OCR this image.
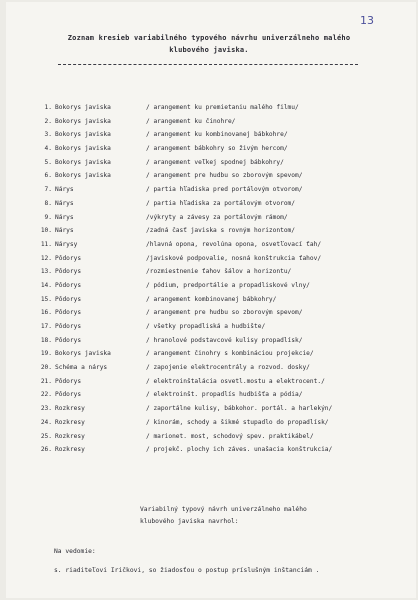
13
Zoznam kresieb variabilného typového návrhu univerzálneho malého
klubového javiska.
1. Bokorys javiska	/ arangement ku premietaniu malého filmu/
2. Bokorys javiska	/ arangement ku činohre/
3. Bokorys javiska	/ arangement ku kombinovanej bábkohre/
4. Bokorys javiska	/ arangement bábkohry so živým hercom/
5. Bokorys javiska	/ arangement veľkej spodnej bábkohry/
6. Bokorys javiska	/ arangement pre hudbu so zborovým spevom/
7. Nárys	/ partia hľadiska pred portálovým otvorom/
8. Nárys	/ partia hľadiska za portálovým otvorom/
9. Nárys	/výkryty a závesy za portálovým rámom/
10. Nárys	/zadná časť javiska s rovným horizontom/
11. Nárysy	/hlavná opona, revolúna opona, osvetľovací ťah/
12. Pôdorys	/javiskové podpovalie, nosná konštrukcia ťahov/
13. Pôdorys	/rozmiestnenie ťahov šálov a horizontu/
14. Pôdorys	/ pódium, predportálie a propadliskové vlny/
15. Pôdorys	/ arangement kombinovanej bábkohry/
16. Pôdorys	/ arangement pre hudbu so zborovým spevom/
17. Pôdorys	/ všetky propadliská a hudbište/
18. Pôdorys	/ hranolové podstavcové kulisy propadlísk/
19. Bokorys javiska	/ arangement činohry s kombináciou projekcie/
20. Schéma a nárys	/ zapojenie elektrocentrály a rozvod. dosky/
21. Pôdorys	/ elektroinštalácia osvetl.mostu a elektrocent./
22. Pôdorys	/ elektroinšt. propadlís hudbišťa a pódia/
23. Rozkresy	/ zaportálne kulisy, bábkohor. portál. a harlekýn/
24. Rozkresy	/ kinorám, schody a šikmé stupadlo do propadlísk/
25. Rozkresy	/ marionet. most, schodový spev. praktikábel/
26. Rozkresy	/ projekč. plochy ich záves. unašacia konštrukcia/
Variabilný typový návrh univerzálneho malého
klubového javiska navrhol:
Na vedomie:
s. riaditeľovi Iričkovi, so žiadosťou o postup príslušným inštanciám .
